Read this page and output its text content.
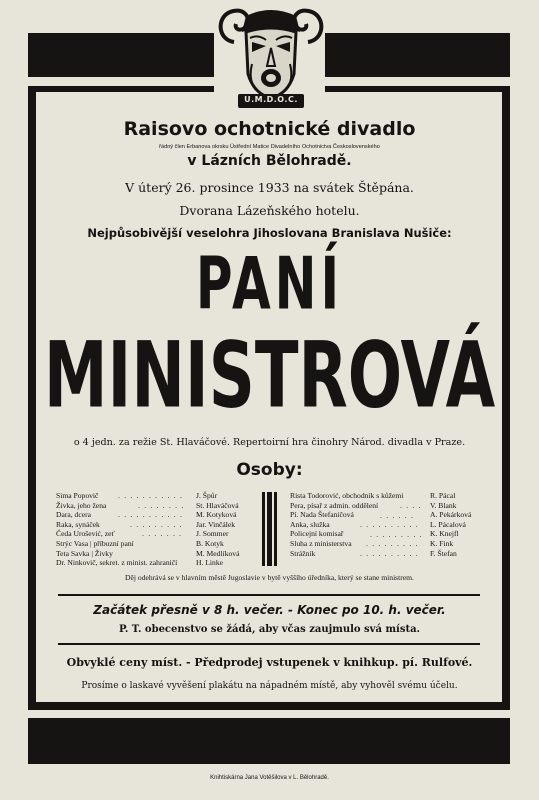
U.M.D.O.C.
Raisovo ochotnické divadlo
řádný člen Erbanova okrsku Ústřední Matice Divadelního Ochotnictva Československého
v Lázních Bělohradě.
V úterý 26. prosince 1933 na svátek Štěpána.
Dvorana Lázeňského hotelu.
Nejpůsobivější veselohra Jihoslovana Branislava Nušiče:
PANÍ
MINISTROVÁ
o 4 jedn. za režie St. Hlaváčové. Repertoirní hra činohry Národ. divadla v Praze.
Osoby:
Sima Popovič
Živka, jeho žena
Dara, dcera
Raka, synáček
Čeda Urošević, zeť
Strýc Vasa | příbuzní paní
Teta Savka | Živky
Dr. Ninkovič, sekret. z minist. zahraničí
. . . . . . . . . . .
. . . . . . . .
. . . . . . . . . . .
. . . . . . . . .
. . . . . . .
J. Špůr
St. Hlaváčová
M. Kotyková
Jar. Vinčálek
J. Sommer
B. Kotyk
M. Medlíková
H. Linke
Rista Todorović, obchodník s kůžemi
Pera, písař z admin. oddělení
Pí. Nada Štefaničová
Anka, služka
Policejní komisař
Sluha z ministerstva
Strážník
. . . .
. . . . . .
. . . . . . . . . .
. . . . . . . . .
. . . . . . . . .
. . . . . . . . . .
R. Pácal
V. Blank
A. Pekárková
L. Pácalová
K. Knejfl
K. Fink
F. Štefan
Děj odehrává se v hlavním městě Jugoslavie v bytě vyššího úředníka, který se stane ministrem.
Začátek přesně v 8 h. večer. - Konec po 10. h. večer.
P. T. obecenstvo se žádá, aby včas zaujmulo svá místa.
Obvyklé ceny míst. - Předprodej vstupenek v knihkup. pí. Rulfové.
Prosíme o laskavé vyvěšení plakátu na nápadném místě, aby vyhověl svému účelu.
Knihtiskárna Jana Votěšilova v L. Bělohradě.
